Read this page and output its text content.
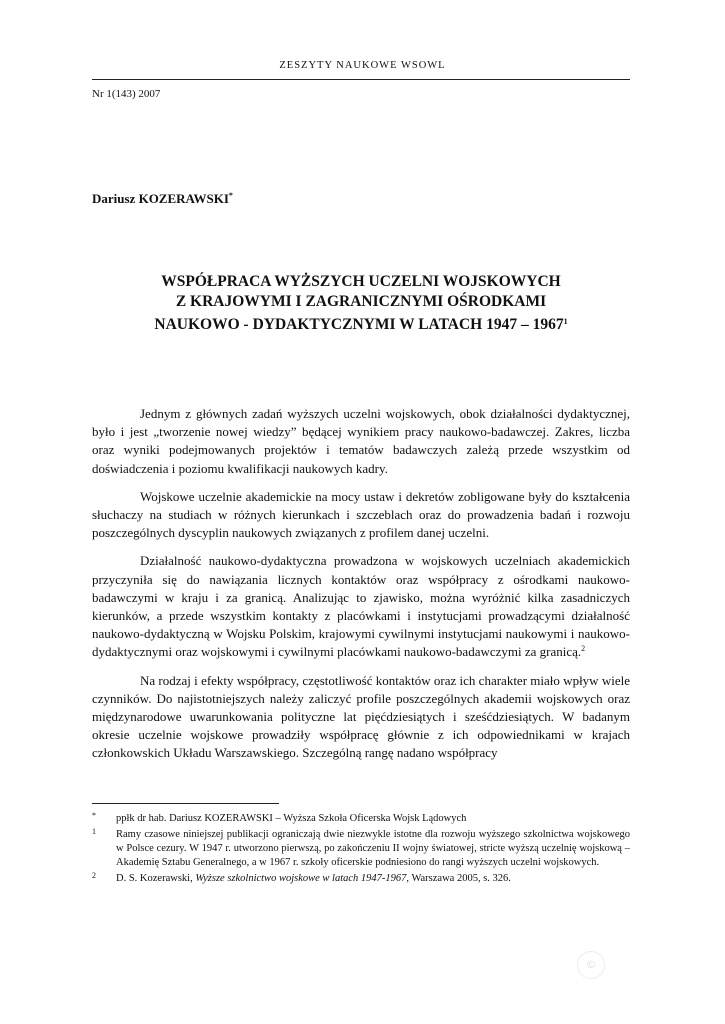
ZESZYTY NAUKOWE WSOWL
Nr 1(143) 2007
Dariusz KOZERAWSKI*
WSPÓŁPRACA WYŻSZYCH UCZELNI WOJSKOWYCH
Z KRAJOWYMI I ZAGRANICZNYMI OŚRODKAMI
NAUKOWO - DYDAKTYCZNYMI W LATACH 1947 – 1967$^1$

Jednym z głównych zadań wyższych uczelni wojskowych, obok działalności dydaktycznej, było i jest „tworzenie nowej wiedzy” będącej wynikiem pracy naukowo-badawczej. Zakres, liczba oraz wyniki podejmowanych projektów i tematów badawczych zależą przede wszystkim od doświadczenia i poziomu kwalifikacji naukowych kadry.

Wojskowe uczelnie akademickie na mocy ustaw i dekretów zobligowane były do kształcenia słuchaczy na studiach w różnych kierunkach i szczeblach oraz do prowadzenia badań i rozwoju poszczególnych dyscyplin naukowych związanych z profilem danej uczelni.

Działalność naukowo-dydaktyczna prowadzona w wojskowych uczelniach akademickich przyczyniła się do nawiązania licznych kontaktów oraz współpracy z ośrodkami naukowo-badawczymi w kraju i za granicą. Analizując to zjawisko, można wyróżnić kilka zasadniczych kierunków, a przede wszystkim kontakty z placówkami i instytucjami prowadzącymi działalność naukowo-dydaktyczną w Wojsku Polskim, krajowymi cywilnymi instytucjami naukowymi i naukowo-dydaktycznymi oraz wojskowymi i cywilnymi placówkami naukowo-badawczymi za granicą.$^2$

Na rodzaj i efekty współpracy, częstotliwość kontaktów oraz ich charakter miało wpływ wiele czynników. Do najistotniejszych należy zaliczyć profile poszczególnych akademii wojskowych oraz międzynarodowe uwarunkowania polityczne lat pięćdziesiątych i sześćdziesiątych. W badanym okresie uczelnie wojskowe prowadziły współpracę głównie z ich odpowiednikami w krajach członkowskich Układu Warszawskiego. Szczególną rangę nadano współpracy

* ppłk dr hab. Dariusz KOZERAWSKI – Wyższa Szkoła Oficerska Wojsk Lądowych
1 Ramy czasowe niniejszej publikacji ograniczają dwie niezwykle istotne dla rozwoju wyższego szkolnictwa wojskowego w Polsce cezury. W 1947 r. utworzono pierwszą, po zakończeniu II wojny światowej, stricte wyższą uczelnię wojskową – Akademię Sztabu Generalnego, a w 1967 r. szkoły oficerskie podniesiono do rangi wyższych uczelni wojskowych.
2 D. S. Kozerawski, Wyższe szkolnictwo wojskowe w latach 1947-1967, Warszawa 2005, s. 326.
©
